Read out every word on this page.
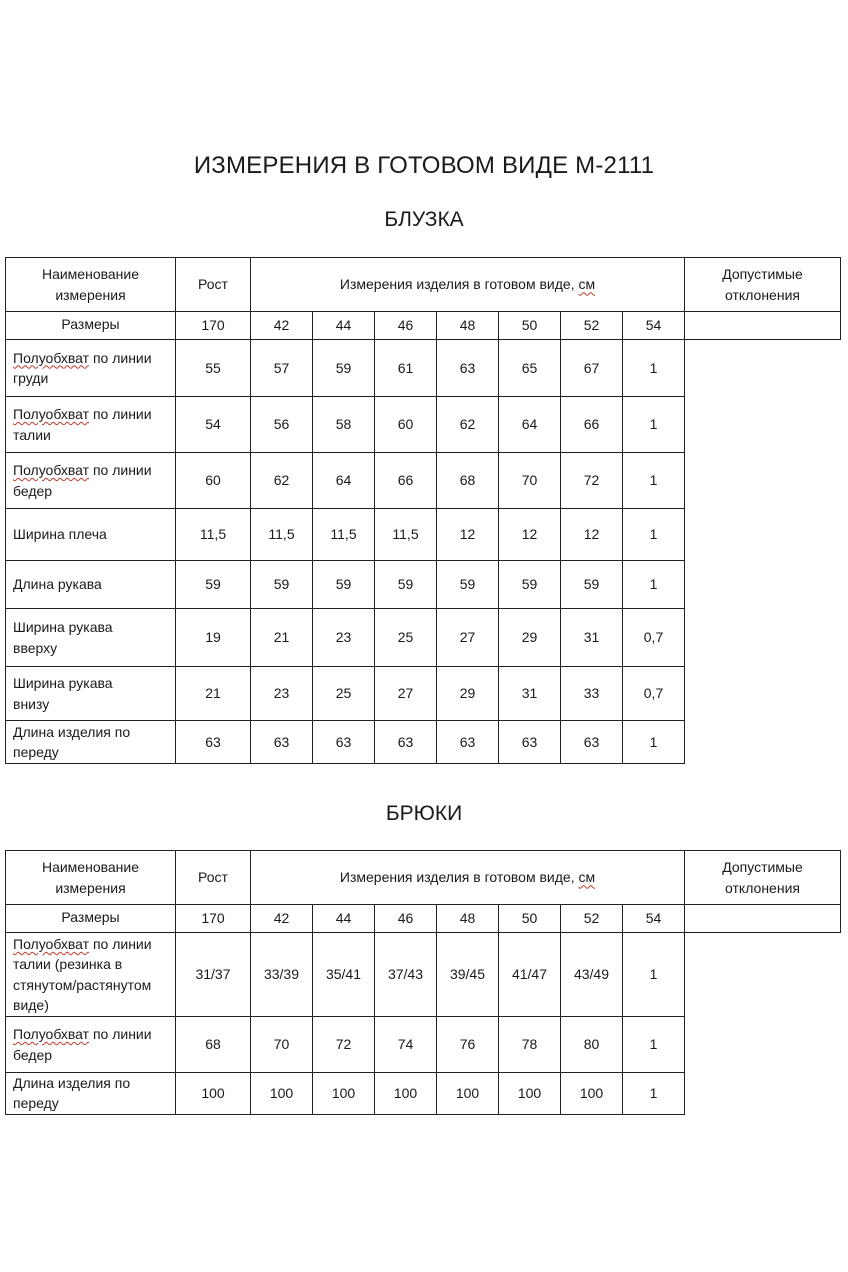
ИЗМЕРЕНИЯ В ГОТОВОМ ВИДЕ М-2111
БЛУЗКА
Наименование
измерения	Рост	Измерения изделия в готовом виде, см							Допустимые
отклонения

Размеры	170	42	44	46	48	50	52	54	

Полуобхват по линии
груди	55	57	59	61	63	65	67	1	

Полуобхват по линии
талии	54	56	58	60	62	64	66	1	

Полуобхват по линии
бедер	60	62	64	66	68	70	72	1	

Ширина плеча	11,5	11,5	11,5	11,5	12	12	12	1	

Длина рукава	59	59	59	59	59	59	59	1	

Ширина рукава
вверху	19	21	23	25	27	29	31	0,7	

Ширина рукава
внизу	21	23	25	27	29	31	33	0,7	

Длина изделия по
переду	63	63	63	63	63	63	63	1	
БРЮКИ
Наименование
измерения	Рост	Измерения изделия в готовом виде, см							Допустимые
отклонения

Размеры	170	42	44	46	48	50	52	54	

Полуобхват по линии
талии (резинка в
стянутом/растянутом
виде)	31/37	33/39	35/41	37/43	39/45	41/47	43/49	1	

Полуобхват по линии
бедер	68	70	72	74	76	78	80	1	

Длина изделия по
переду	100	100	100	100	100	100	100	1	
